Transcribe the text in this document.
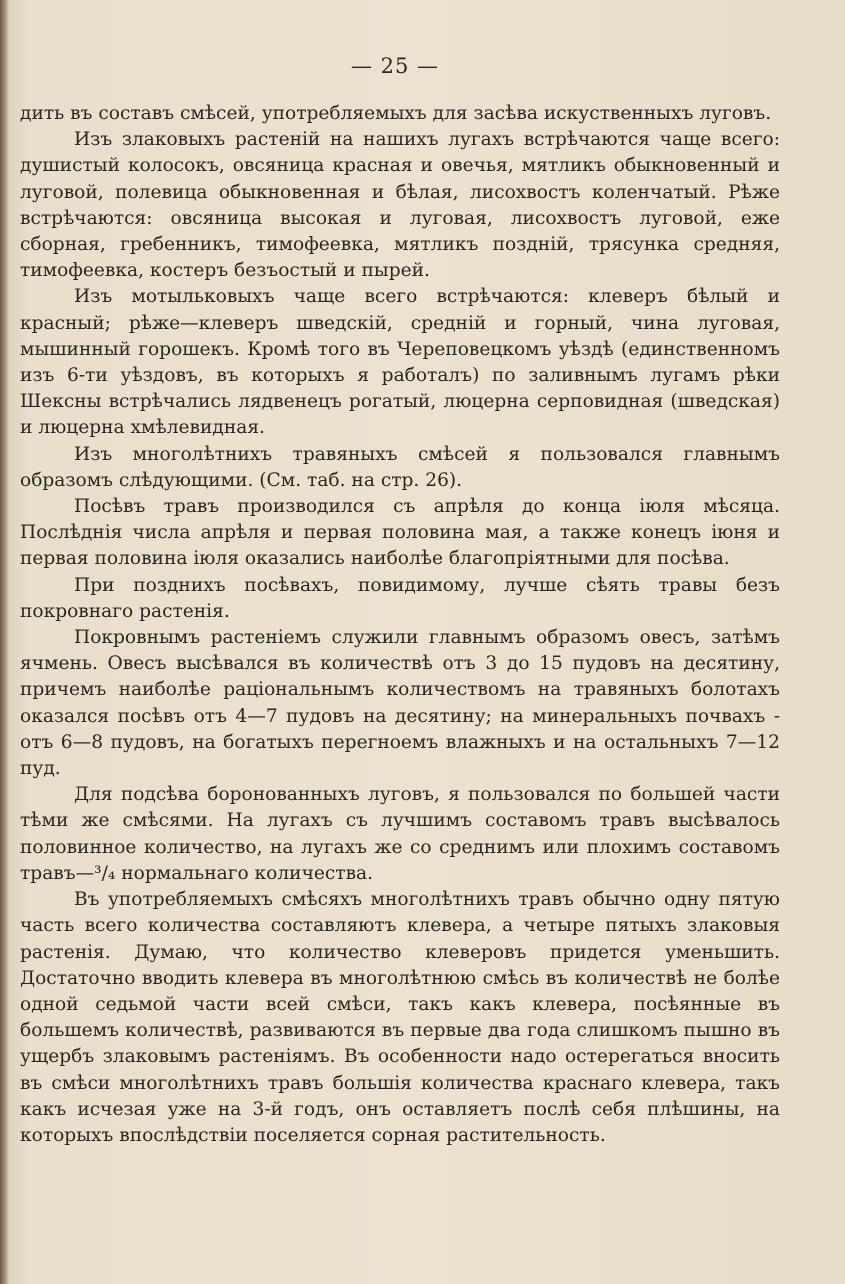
— 25 —

дить въ составъ смѣсей, употребляемыхъ для засѣва искуственныхъ луговъ.

Изъ злаковыхъ растеній на нашихъ лугахъ встрѣчаются чаще всего: душистый колосокъ, овсяница красная и овечья, мятликъ обыкновенный и луговой, полевица обыкновенная и бѣлая, лисохвостъ коленчатый. Рѣже встрѣчаются: овсяница высокая и луговая, лисохвостъ луговой, еже сборная, гребенникъ, тимофеевка, мятликъ поздній, трясунка средняя, тимофеевка, костеръ безъостый и пырей.

Изъ мотыльковыхъ чаще всего встрѣчаются: клеверъ бѣлый и красный; рѣже—клеверъ шведскій, средній и горный, чина луговая, мышинный горошекъ. Кромѣ того въ Череповецкомъ уѣздѣ (единственномъ изъ 6-ти уѣздовъ, въ которыхъ я работалъ) по заливнымъ лугамъ рѣки Шексны встрѣчались лядвенецъ рогатый, люцерна серповидная (шведская) и люцерна хмѣлевидная.

Изъ многолѣтнихъ травяныхъ смѣсей я пользовался главнымъ образомъ слѣдующими. (См. таб. на стр. 26).

Посѣвъ травъ производился съ апрѣля до конца іюля мѣсяца. Послѣднія числа апрѣля и первая половина мая, а также конецъ іюня и первая половина іюля оказались наиболѣе благопріятными для посѣва.

При позднихъ посѣвахъ, повидимому, лучше сѣять травы безъ покровнаго растенія.

Покровнымъ растеніемъ служили главнымъ образомъ овесъ, затѣмъ ячмень. Овесъ высѣвался въ количествѣ отъ 3 до 15 пудовъ на десятину, причемъ наиболѣе раціональнымъ количествомъ на травяныхъ болотахъ оказался посѣвъ отъ 4—7 пудовъ на десятину; на минеральныхъ почвахъ - отъ 6—8 пудовъ, на богатыхъ перегноемъ влажныхъ и на остальныхъ 7—12 пуд.

Для подсѣва боронованныхъ луговъ, я пользовался по большей части тѣми же смѣсями. На лугахъ съ лучшимъ составомъ травъ высѣвалось половинное количество, на лугахъ же со среднимъ или плохимъ составомъ травъ—³/₄ нормальнаго количества.

Въ употребляемыхъ смѣсяхъ многолѣтнихъ травъ обычно одну пятую часть всего количества составляютъ клевера, а четыре пятыхъ злаковыя растенія. Думаю, что количество клеверовъ придется уменьшить. Достаточно вводить клевера въ многолѣтнюю смѣсь въ количествѣ не болѣе одной седьмой части всей смѣси, такъ какъ клевера, посѣянные въ большемъ количествѣ, развиваются въ первые два года слишкомъ пышно въ ущербъ злаковымъ растеніямъ. Въ особенности надо остерегаться вносить въ смѣси многолѣтнихъ травъ большія количества краснаго клевера, такъ какъ исчезая уже на 3-й годъ, онъ оставляетъ послѣ себя плѣшины, на которыхъ впослѣдствіи поселяется сорная растительность.
